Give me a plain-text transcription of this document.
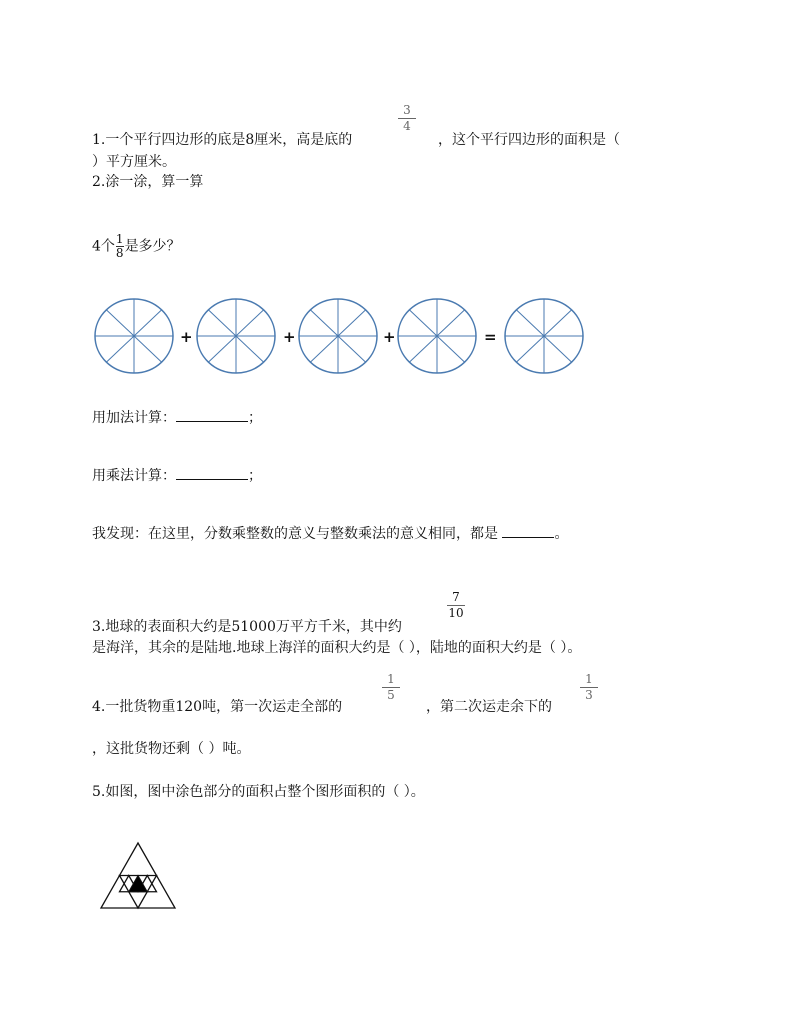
3
4
1.一个平行四边形的底是8厘米，高是底的	，这个平行四边形的面积是（
）平方厘米。
2.涂一涂，算一算
4个$\frac{1}{8}$是多少？
+	+	+	=
用加法计算：	；
用乘法计算：	；
我发现：在这里，分数乘整数的意义与整数乘法的意义相同，都是	。
7
10
3.地球的表面积大约是51000万平方千米，其中约
是海洋，其余的是陆地.地球上海洋的面积大约是（ ），陆地的面积大约是（ ）。
1
5
1
3
4.一批货物重120吨，第一次运走全部的	，第二次运走余下的
，这批货物还剩（ ）吨。
5.如图，图中涂色部分的面积占整个图形面积的（ ）。
